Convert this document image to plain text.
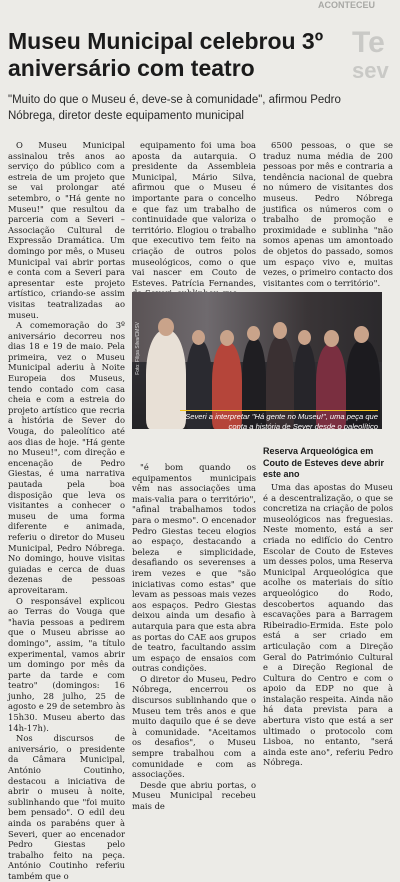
ACONTECEU
Te
sev
Museu Municipal celebrou 3º aniversário com teatro

"Muito do que o Museu é, deve-se à comunidade", afirmou Pedro Nóbrega, diretor deste equipamento municipal

O Museu Municipal assinalou três anos ao serviço do público com a estreia de um projeto que se vai prolongar até setembro, o "Há gente no Museu!" que resultou da parceria com a Severi – Associação Cultural de Expressão Dramática. Um domingo por mês, o Museu Municipal vai abrir portas e conta com a Severi para apresentar este projeto artístico, criando-se assim visitas teatralizadas ao museu.

A comemoração do 3º aniversário decorreu nos dias 18 e 19 de maio. Pela primeira, vez o Museu Municipal aderiu à Noite Europeia dos Museus, tendo contado com casa cheia e com a estreia do projeto artístico que recria a história de Sever do Vouga, do paleolítico até aos dias de hoje. "Há gente no Museu!", com direção e encenação de Pedro Giestas, é uma narrativa pautada pela boa disposição que leva os visitantes a conhecer o museu de uma forma diferente e animada, referiu o diretor do Museu Municipal, Pedro Nóbrega. No domingo, houve visitas guiadas e cerca de duas dezenas de pessoas aproveitaram.

O responsável explicou ao Terras do Vouga que "havia pessoas a pedirem que o Museu abrisse ao domingo", assim, "a título experimental, vamos abrir um domingo por mês da parte da tarde e com teatro" (domingos: 16 junho, 28 julho, 25 de agosto e 29 de setembro às 15h30. Museu aberto das 14h-17h).

Nos discursos de aniversário, o presidente da Câmara Municipal, António Coutinho, destacou a iniciativa de abrir o museu à noite, sublinhando que "foi muito bem pensado". O edil deu ainda os parabéns quer à Severi, quer ao encenador Pedro Giestas pelo trabalho feito na peça. António Coutinho referiu também que o

equipamento foi uma boa aposta da autarquia. O presidente da Assembleia Municipal, Mário Silva, afirmou que o Museu é importante para o concelho e que faz um trabalho de continuidade que valoriza o território. Elogiou o trabalho que executivo tem feito na criação de outros polos museológicos, como o que vai nascer em Couto de Esteves. Patrícia Fernandes,

6500 pessoas, o que se traduz numa média de 200 pessoas por mês e contraria a tendência nacional de quebra no número de visitantes dos museus. Pedro Nóbrega justifica os números com o trabalho de promoção e proximidade e sublinha "não somos apenas um amontoado de objetos do passado, somos um espaço vivo e, muitas vezes, o primeiro contacto dos visitantes com o território".

Foto: Filipa Silva/CMSV
Severi a interpretar "Há gente no Museu!", uma peça que conta a história de Sever desde o paleolítico

"é bom quando os equipamentos municipais vêm nas associações uma mais-valia para o território", "afinal trabalhamos todos para o mesmo". O encenador Pedro Giestas teceu elogios ao espaço, destacando a beleza e simplicidade, desafiando os severenses a irem vezes e que "são iniciativas como estas" que levam as pessoas mais vezes aos espaços. Pedro Giestas deixou ainda um desafio à autarquia para que esta abra as portas do CAE aos grupos de teatro, facultando assim um espaço de ensaios com outras condições.

O diretor do Museu, Pedro Nóbrega, encerrou os discursos sublinhando que o Museu tem três anos e que muito daquilo que é se deve à comunidade. "Aceitamos os desafios", o Museu sempre trabalhou com a comunidade e com as associações.

Desde que abriu portas, o Museu Municipal recebeu mais de

Reserva Arqueológica em Couto de Esteves deve abrir este ano

Uma das apostas do Museu é a descentralização, o que se concretiza na criação de polos museológicos nas freguesias. Neste momento, está a ser criada no edifício do Centro Escolar de Couto de Esteves um desses polos, uma Reserva Municipal Arqueológica que acolhe os materiais do sítio arqueológico do Rodo, descobertos aquando das escavações para a Barragem Ribeiradio-Ermida. Este polo está a ser criado em articulação com a Direção Geral do Património Cultural e a Direção Regional de Cultura do Centro e com o apoio da EDP no que à instalação respeita. Ainda não há data prevista para a abertura visto que está a ser ultimado o protocolo com Lisboa, no entanto, "será ainda este ano", referiu Pedro Nóbrega.
